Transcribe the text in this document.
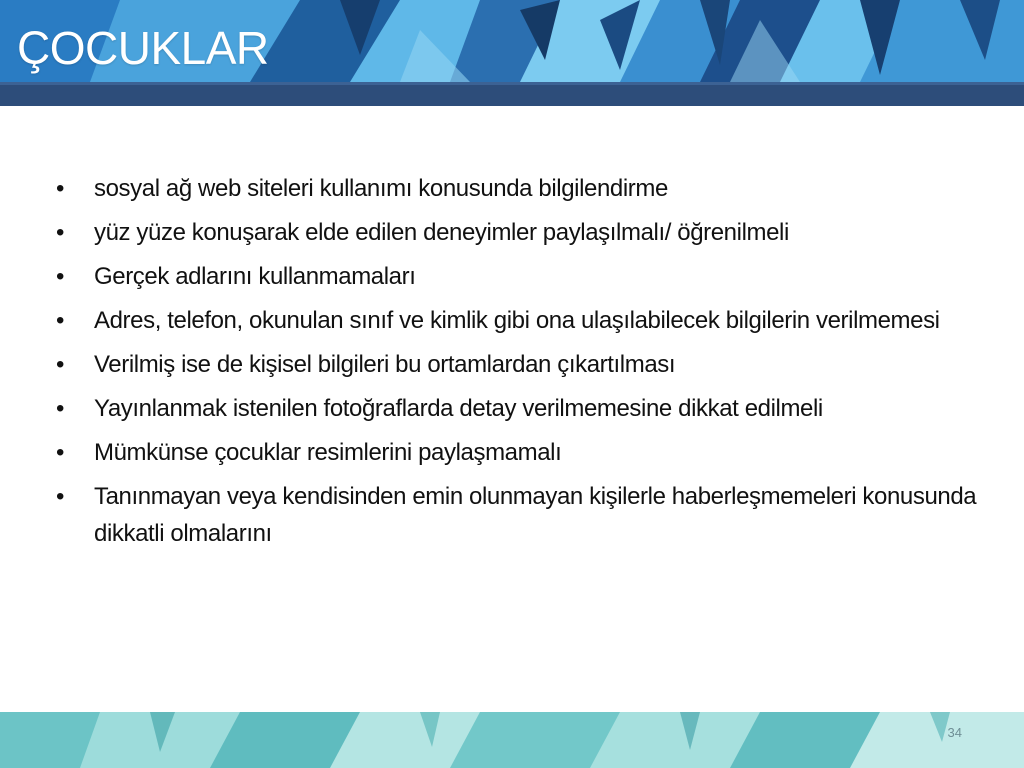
ÇOCUKLAR
• sosyal ağ web siteleri kullanımı konusunda bilgilendirme
• yüz yüze konuşarak elde edilen deneyimler paylaşılmalı/ öğrenilmeli
• Gerçek adlarını kullanmamaları
• Adres, telefon, okunulan sınıf ve kimlik gibi ona ulaşılabilecek bilgilerin verilmemesi
• Verilmiş ise de kişisel bilgileri bu ortamlardan çıkartılması
• Yayınlanmak istenilen fotoğraflarda detay verilmemesine dikkat edilmeli
• Mümkünse çocuklar resimlerini paylaşmamalı
• Tanınmayan veya kendisinden emin olunmayan kişilerle haberleşmemeleri konusunda dikkatli olmalarını
34
